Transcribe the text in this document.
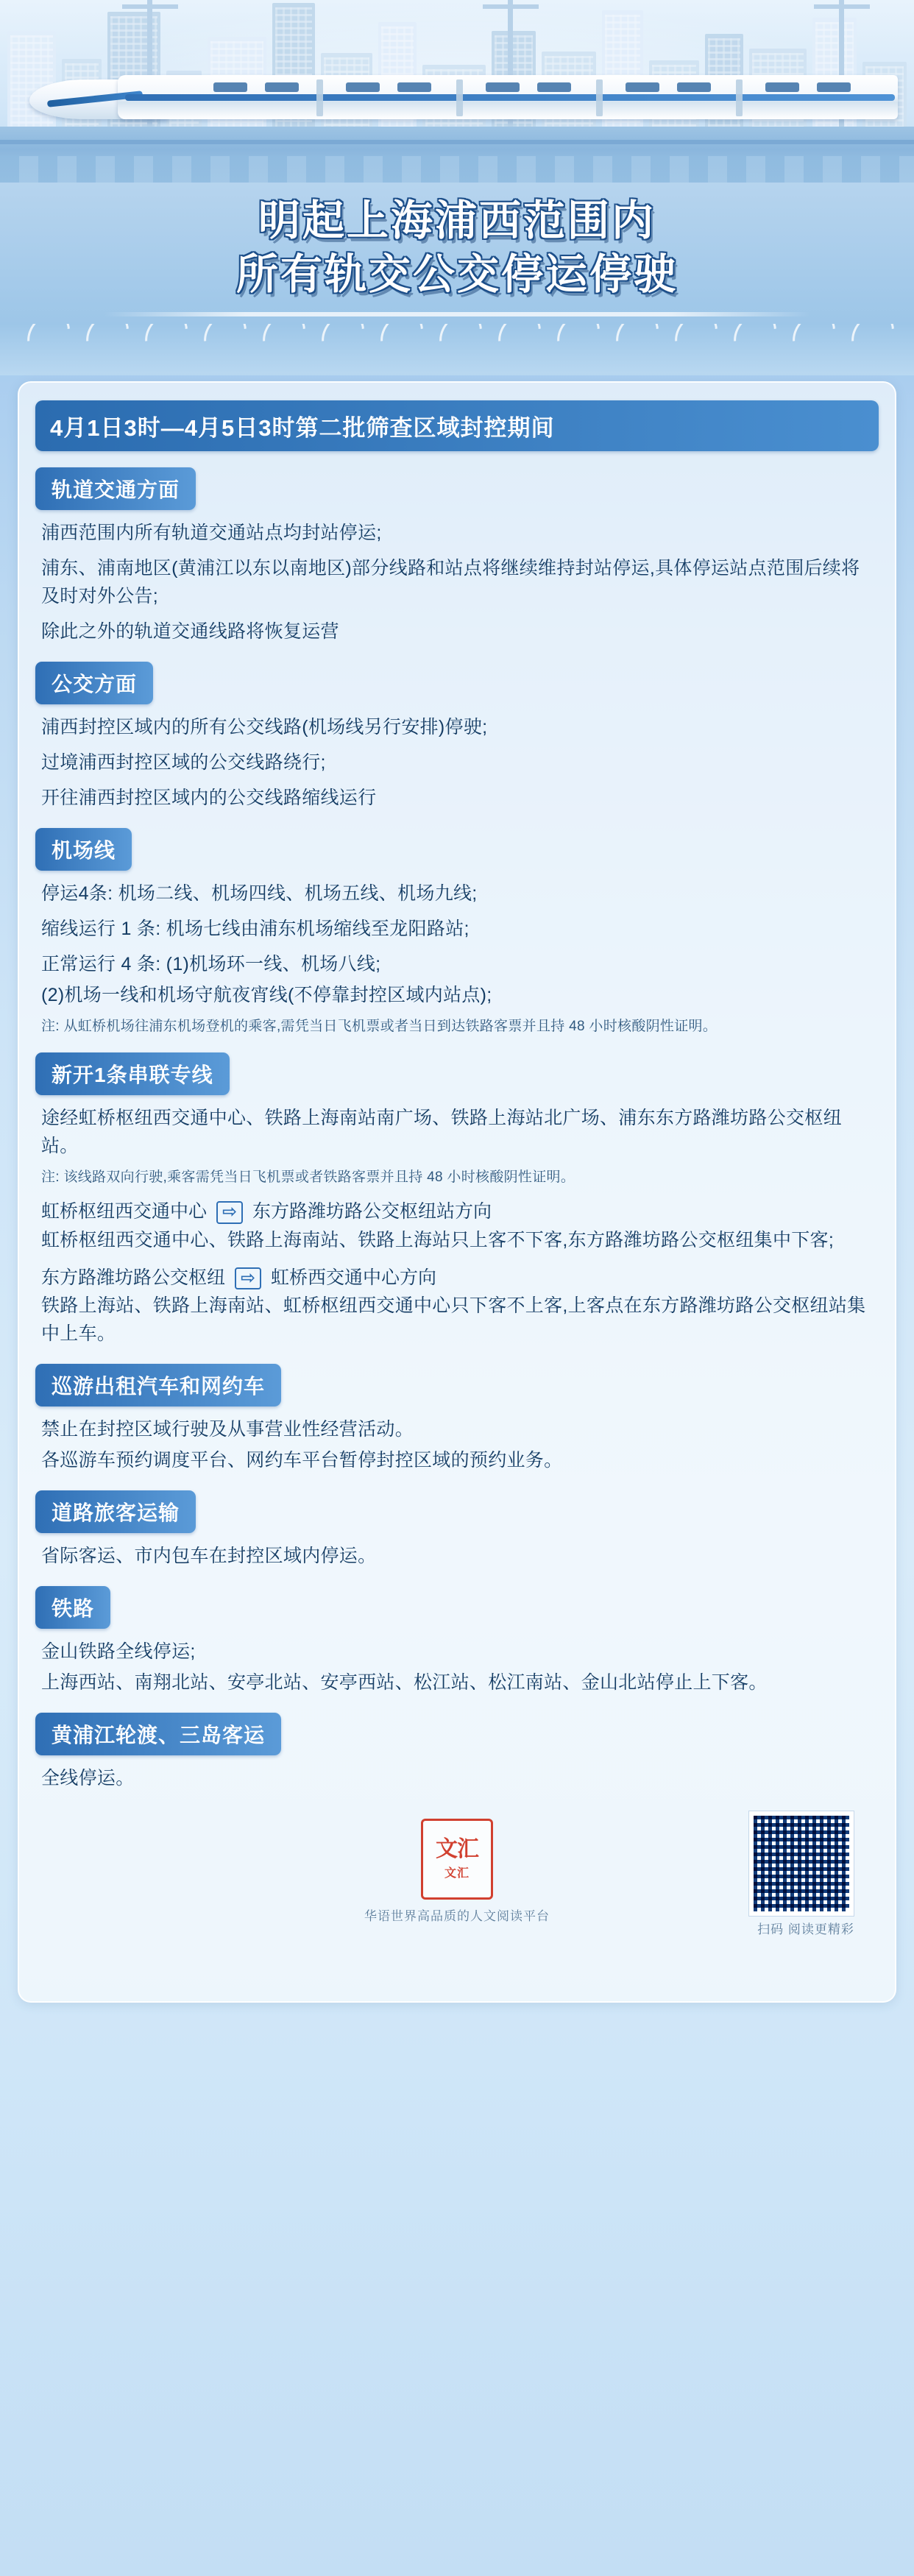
明起上海浦西范围内
所有轨交公交停运停驶
4月1日3时—4月5日3时第二批筛查区域封控期间
轨道交通方面

浦西范围内所有轨道交通站点均封站停运;

浦东、浦南地区(黄浦江以东以南地区)部分线路和站点将继续维持封站停运,具体停运站点范围后续将及时对外公告;

除此之外的轨道交通线路将恢复运营

公交方面

浦西封控区域内的所有公交线路(机场线另行安排)停驶;

过境浦西封控区域的公交线路绕行;

开往浦西封控区域内的公交线路缩线运行

机场线

停运4条: 机场二线、机场四线、机场五线、机场九线;

缩线运行 1 条: 机场七线由浦东机场缩线至龙阳路站;

正常运行 4 条: (1)机场环一线、机场八线;

(2)机场一线和机场守航夜宵线(不停靠封控区域内站点);

注: 从虹桥机场往浦东机场登机的乘客,需凭当日飞机票或者当日到达铁路客票并且持 48 小时核酸阴性证明。

新开1条串联专线

途经虹桥枢纽西交通中心、铁路上海南站南广场、铁路上海站北广场、浦东东方路潍坊路公交枢纽站。

注: 该线路双向行驶,乘客需凭当日飞机票或者铁路客票并且持 48 小时核酸阴性证明。

虹桥枢纽西交通中心 ⇨ 东方路潍坊路公交枢纽站方向

虹桥枢纽西交通中心、铁路上海南站、铁路上海站只上客不下客,东方路潍坊路公交枢纽集中下客;

东方路潍坊路公交枢纽 ⇨ 虹桥西交通中心方向

铁路上海站、铁路上海南站、虹桥枢纽西交通中心只下客不上客,上客点在东方路潍坊路公交枢纽站集中上车。

巡游出租汽车和网约车

禁止在封控区域行驶及从事营业性经营活动。

各巡游车预约调度平台、网约车平台暂停封控区域的预约业务。

道路旅客运输

省际客运、市内包车在封控区域内停运。

铁路

金山铁路全线停运;

上海西站、南翔北站、安亭北站、安亭西站、松江站、松江南站、金山北站停止上下客。

黄浦江轮渡、三岛客运

全线停运。

文汇
文汇
华语世界高品质的人文阅读平台
扫码 阅读更精彩
